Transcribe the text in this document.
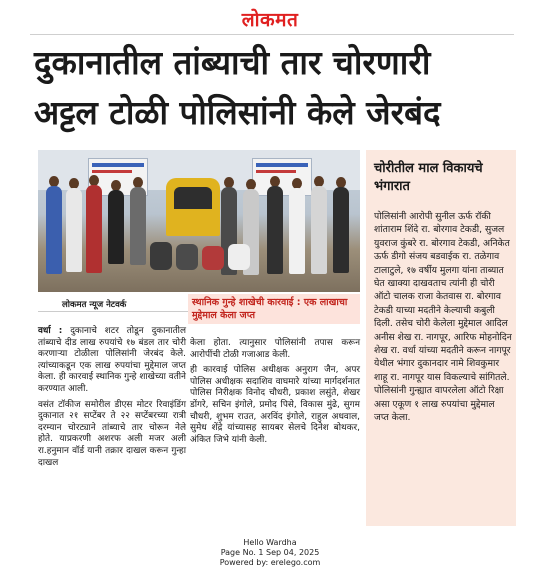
लोकमत
दुकानातील तांब्याची तार चोरणारी
अट्टल टोळी पोलिसांनी केले जेरबंद
लोकमत न्यूज नेटवर्क	स्थानिक गुन्हे शाखेची कारवाई : एक लाखाचा मुद्देमाल केला जप्त

वर्धा : दुकानाचे शटर तोडून दुकानातील तांब्याचे दीड लाख रुपयांचे १७ बंडल तार चोरी करणाऱ्या टोळीला पोलिसांनी जेरबंद केले. त्यांच्याकडून एक लाख रुपयांचा मुद्देमाल जप्त केला. ही कारवाई स्थानिक गुन्हे शाखेच्या वतीने करण्यात आली.

वसंत टॉकीज समोरील डीएस मोटर रिवाइंडिंग दुकानात २१ सप्टेंबर ते २२ सप्टेंबरच्या रात्री दरम्यान चोरट्याने तांब्याचे तार चोरून नेले होते. याप्रकरणी अशरफ अली मजर अली रा.हनुमान वॉर्ड यानी तक्रार दाखल करून गुन्हा दाखल

केला होता. त्यानुसार पोलिसांनी तपास करून आरोपींची टोळी गजाआड केली.

ही कारवाई पोलिस अधीक्षक अनुराग जैन, अपर पोलिस अधीक्षक सदाशिव वाघमारे यांच्या मार्गदर्शनात पोलिस निरीक्षक विनोद चौधरी, प्रकाश लसुंते, शेखर डोंगरे, सचिन इंगोले, प्रमोद पिसे, विकास मुंढे, सुगम चौधरी, शुभम राउत, अरविंद इंगोले, राहुल अधवाल, सुमेध शेंद्रे यांच्यासह सायबर सेलचे दिनेश बोथकर, अंकित जिभे यांनी केली.

चोरीतील माल विकायचे भंगारात
पोलिसांनी आरोपी सुनील ऊर्फ रॉकी शांताराम शिंदे रा. बोरगाव टेकडी, सुजल युवराज कुंबरे रा. बोरगाव टेकडी, अनिकेत ऊर्फ डीगो संजय बडवाईक रा. तळेगाव टालाटुले, १७ वर्षीय मुलगा यांना ताब्यात घेत खाक्या दाखवताच त्यांनी ही चोरी ऑटो चालक राजा केतवास रा. बोरगाव टेकडी याच्या मदतीने केल्याची कबुली दिली. तसेच चोरी केलेला मुद्देमाल आदिल अनीस शेख रा. नागपूर, आरिफ मोहनोदिन शेख रा. वर्धा यांच्या मदतीने करून नागपूर येथील भंगार दुकानदार नामे शिवकुमार शाहू रा. नागपूर यास विकल्याचे सांगितले. पोलिसांनी गुन्ह्यात वापरलेला ऑटो रिक्षा असा एकूण १ लाख रुपयांचा मुद्देमाल जप्त केला.
Hello Wardha
Page No. 1 Sep 04, 2025
Powered by: erelego.com
